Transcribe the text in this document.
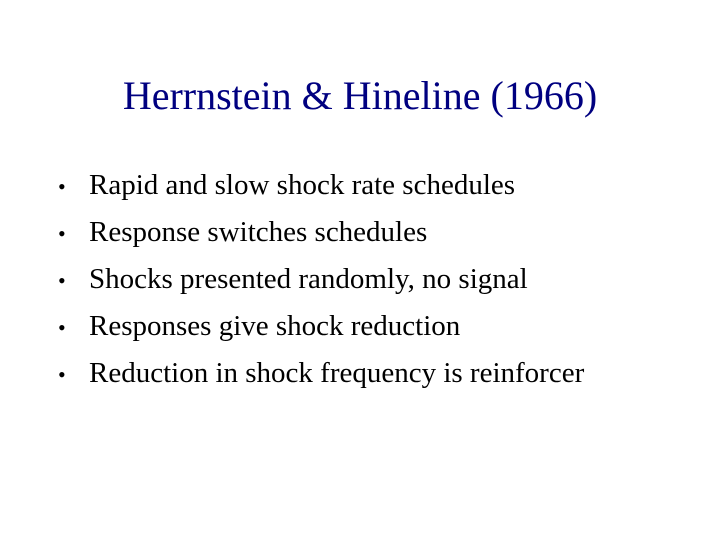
Herrnstein & Hineline (1966)
• Rapid and slow shock rate schedules
• Response switches schedules
• Shocks presented randomly, no signal
• Responses give shock reduction
• Reduction in shock frequency is reinforcer
